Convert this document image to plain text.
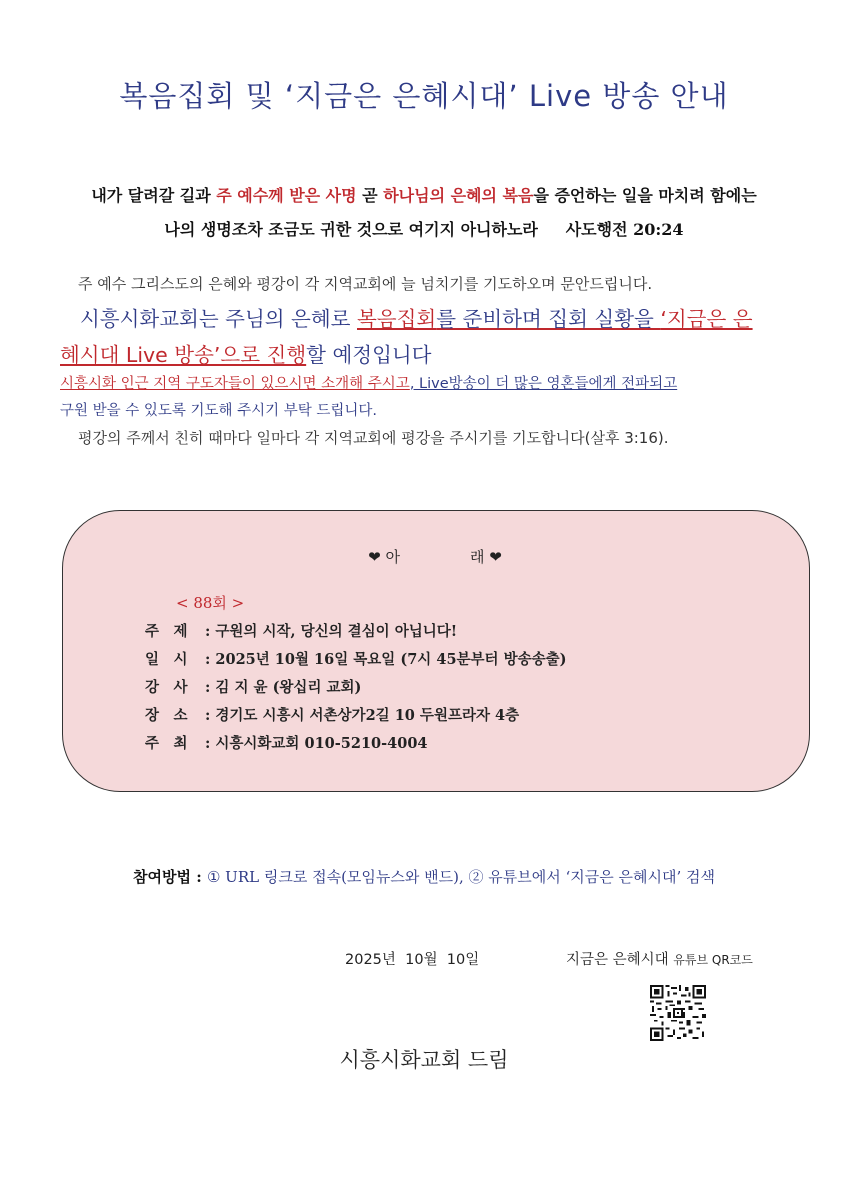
복음집회 및 ‘지금은 은혜시대’ Live 방송 안내
내가 달려갈 길과 주 예수께 받은 사명 곧 하나님의 은혜의 복음을 증언하는 일을 마치려 함에는
나의 생명조차 조금도 귀한 것으로 여기지 아니하노라     사도행전 20:24
주 예수 그리스도의 은혜와 평강이 각 지역교회에 늘 넘치기를 기도하오며 문안드립니다.
시흥시화교회는 주님의 은혜로 복음집회를 준비하며 집회 실황을 ‘지금은 은
혜시대 Live 방송’으로 진행할 예정입니다
시흥시화 인근 지역 구도자들이 있으시면 소개해 주시고, Live방송이 더 많은 영혼들에게 전파되고
구원 받을 수 있도록 기도해 주시기 부탁 드립니다.
평강의 주께서 친히 때마다 일마다 각 지역교회에 평강을 주시기를 기도합니다(살후 3:16).
❤ 아	래 ❤
< 88회 >
주　제 : 구원의 시작, 당신의 결심이 아닙니다!
일　시 : 2025년 10월 16일 목요일 (7시 45분부터 방송송출)
강　사 : 김 지 윤 (왕십리 교회)
장　소 : 경기도 시흥시 서촌상가2길 10 두원프라자 4층
주　최 : 시흥시화교회 010-5210-4004
참여방법 : ① URL 링크로 접속(모임뉴스와 밴드), ② 유튜브에서 ‘지금은 은혜시대’ 검색
2025년  10월  10일	지금은 은혜시대 유튜브 QR코드
시흥시화교회 드림
